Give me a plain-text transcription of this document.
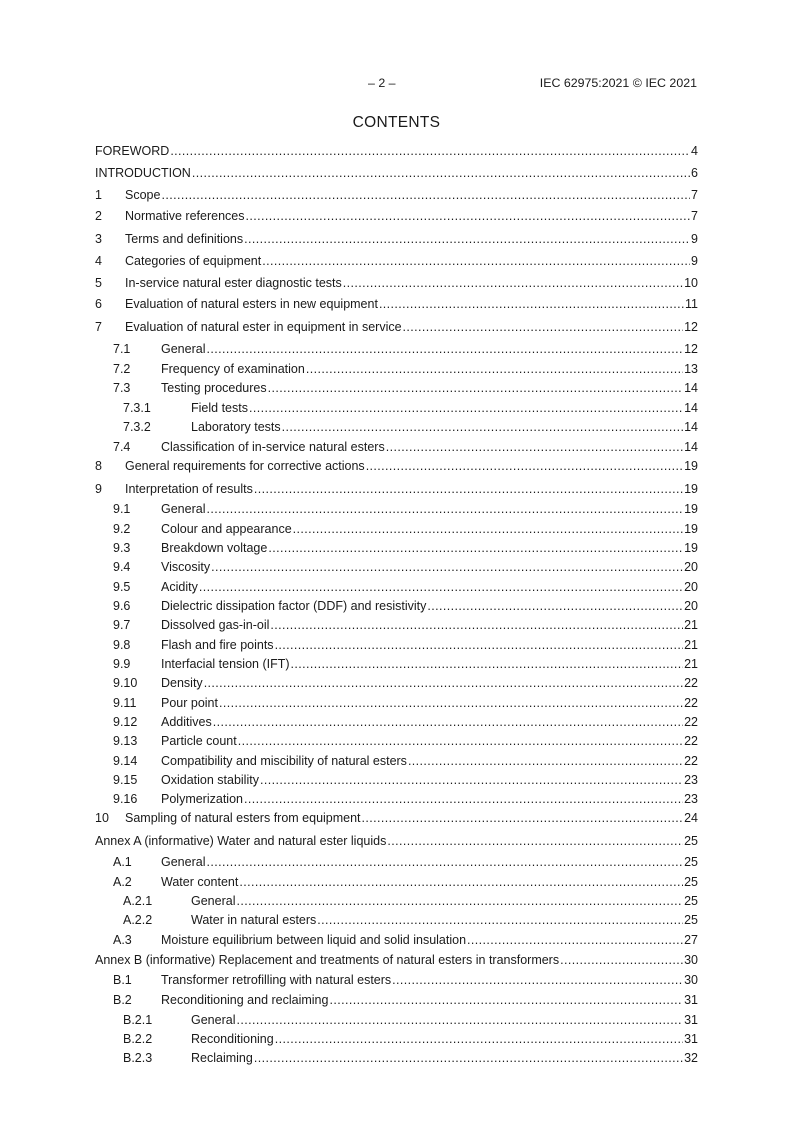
– 2 –	IEC 62975:2021 © IEC 2021
CONTENTS
FOREWORD .....	4
INTRODUCTION .....	6
1	Scope .....	7
2	Normative references .....	7
3	Terms and definitions .....	9
4	Categories of equipment .....	9
5	In-service natural ester diagnostic tests .....	10
6	Evaluation of natural esters in new equipment .....	11
7	Evaluation of natural ester in equipment in service .....	12
7.1	General .....	12
7.2	Frequency of examination .....	13
7.3	Testing procedures .....	14
7.3.1	Field tests .....	14
7.3.2	Laboratory tests .....	14
7.4	Classification of in-service natural esters .....	14
8	General requirements for corrective actions .....	19
9	Interpretation of results .....	19
9.1	General .....	19
9.2	Colour and appearance .....	19
9.3	Breakdown voltage .....	19
9.4	Viscosity .....	20
9.5	Acidity .....	20
9.6	Dielectric dissipation factor (DDF) and resistivity .....	20
9.7	Dissolved gas-in-oil .....	21
9.8	Flash and fire points .....	21
9.9	Interfacial tension (IFT) .....	21
9.10	Density .....	22
9.11	Pour point .....	22
9.12	Additives .....	22
9.13	Particle count .....	22
9.14	Compatibility and miscibility of natural esters .....	22
9.15	Oxidation stability .....	23
9.16	Polymerization .....	23
10	Sampling of natural esters from equipment .....	24
Annex A (informative) Water and natural ester liquids .....	25
A.1	General .....	25
A.2	Water content .....	25
A.2.1	General .....	25
A.2.2	Water in natural esters .....	25
A.3	Moisture equilibrium between liquid and solid insulation .....	27
Annex B (informative) Replacement and treatments of natural esters in transformers .....	30
B.1	Transformer retrofilling with natural esters .....	30
B.2	Reconditioning and reclaiming .....	31
B.2.1	General .....	31
B.2.2	Reconditioning .....	31
B.2.3	Reclaiming .....	32
